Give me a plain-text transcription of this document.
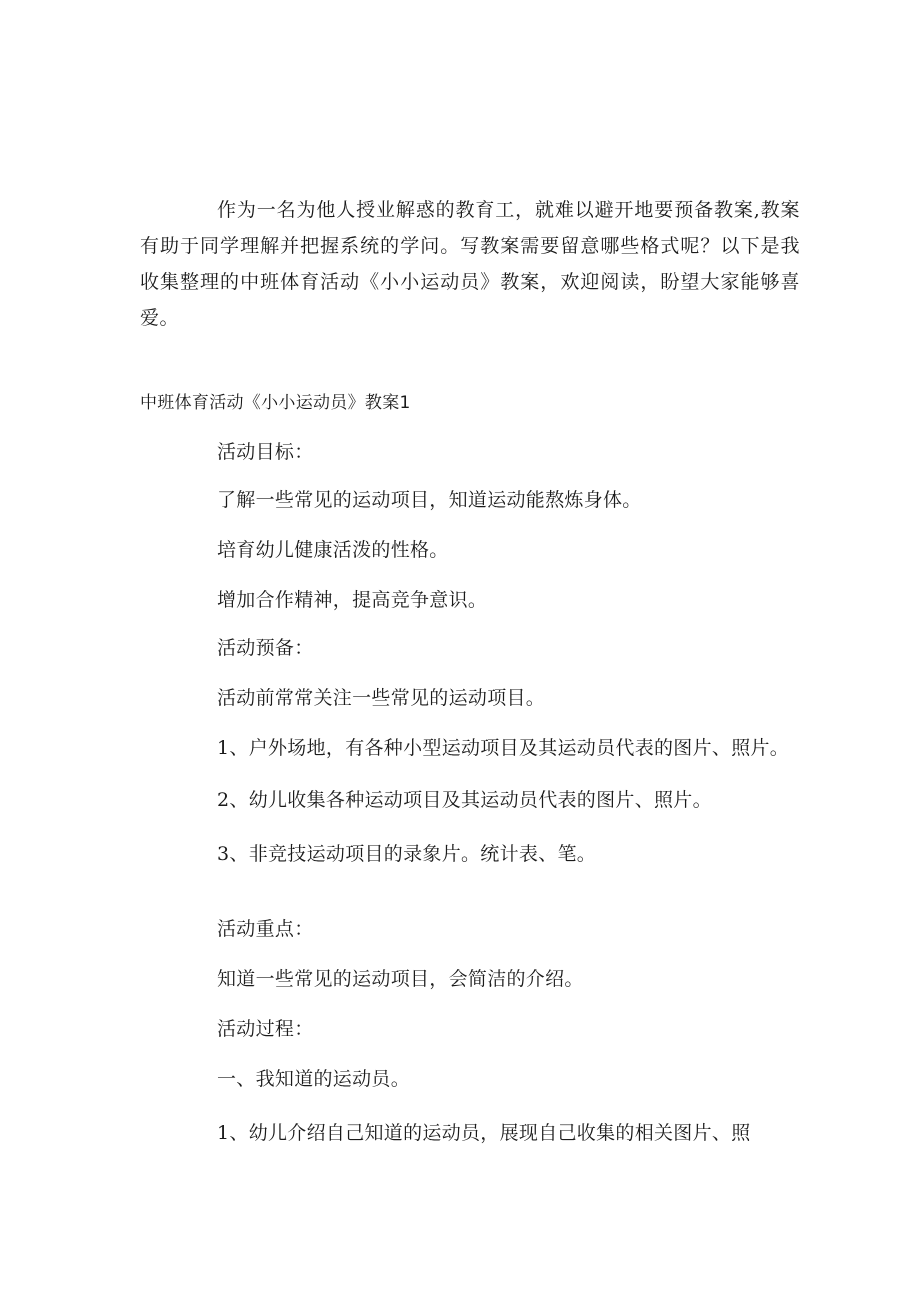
作为一名为他人授业解惑的教育工，就难以避开地要预备教案,教案有助于同学理解并把握系统的学问。写教案需要留意哪些格式呢？以下是我收集整理的中班体育活动《小小运动员》教案，欢迎阅读，盼望大家能够喜爱。

中班体育活动《小小运动员》教案1

活动目标：

了解一些常见的运动项目，知道运动能熬炼身体。

培育幼儿健康活泼的性格。

增加合作精神，提高竞争意识。

活动预备：

活动前常常关注一些常见的运动项目。

1、户外场地，有各种小型运动项目及其运动员代表的图片、照片。

2、幼儿收集各种运动项目及其运动员代表的图片、照片。

3、非竞技运动项目的录象片。统计表、笔。

活动重点：

知道一些常见的运动项目，会简洁的介绍。

活动过程：

一、我知道的运动员。

1、幼儿介绍自己知道的运动员，展现自己收集的相关图片、照
